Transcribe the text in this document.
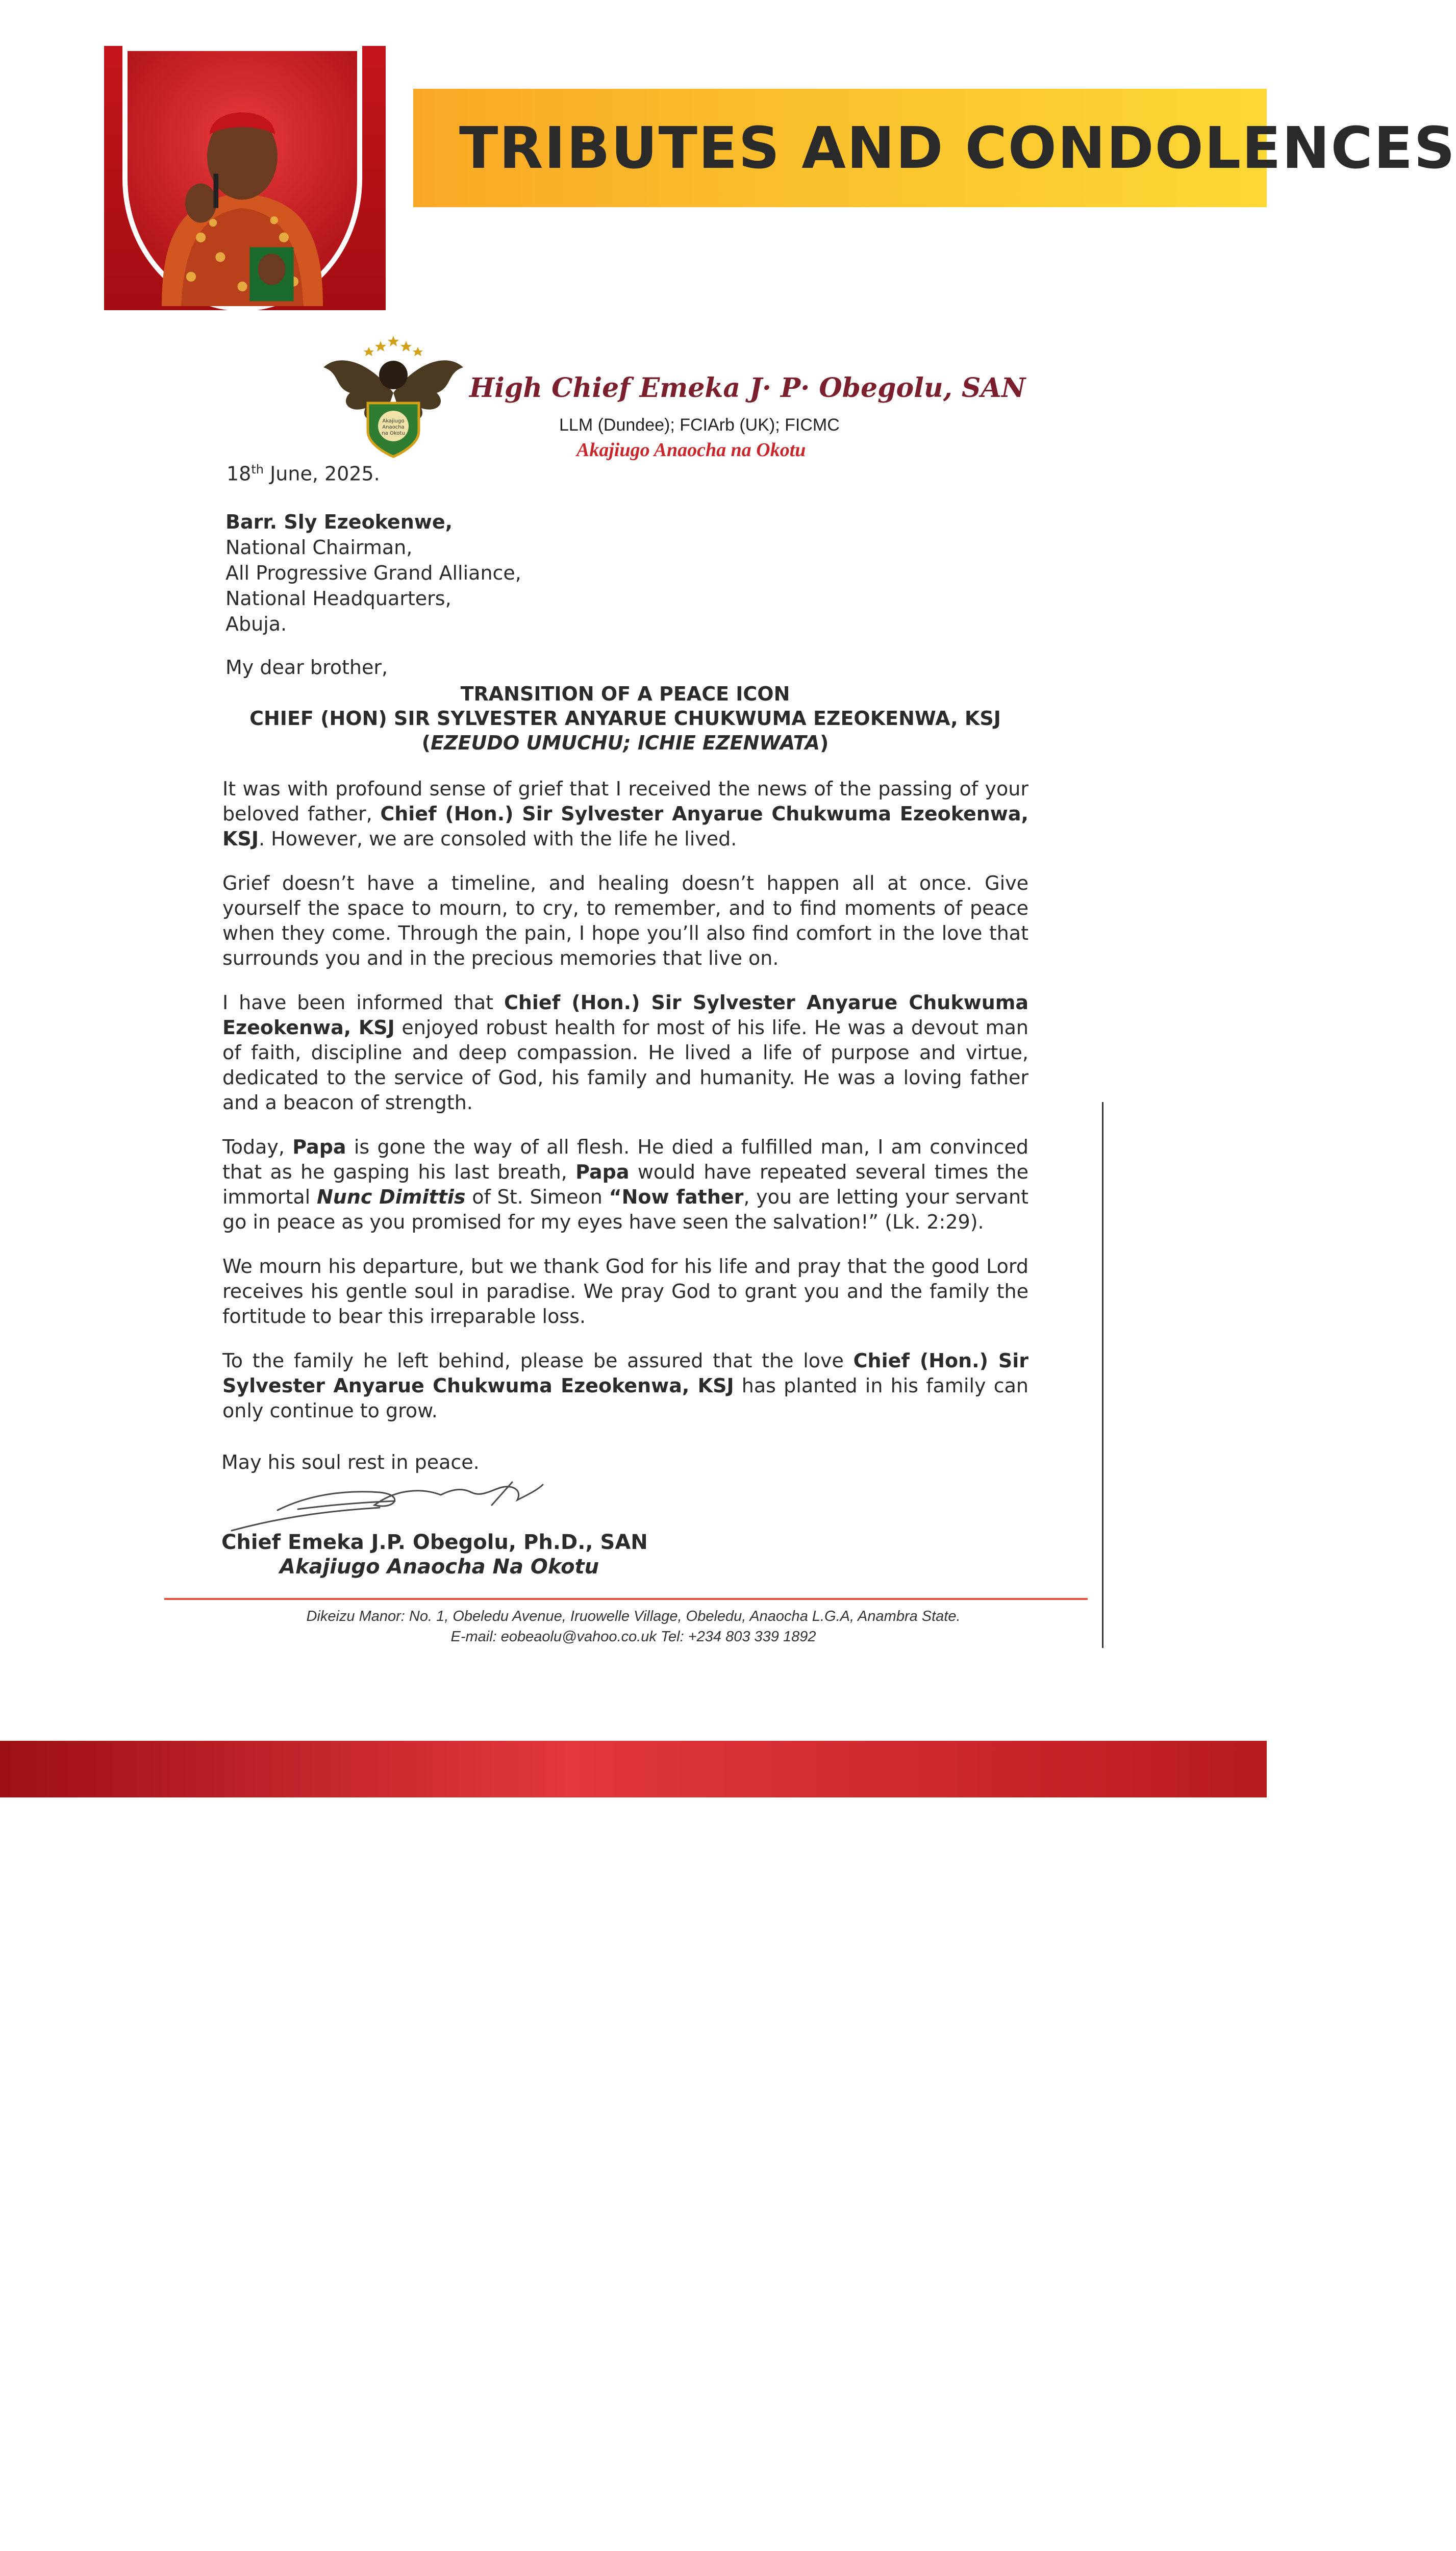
TRIBUTES AND CONDOLENCES
Akajiugo
Anaocha
na Okotu
High Chief Emeka J· P· Obegolu, SAN
LLM (Dundee); FCIArb (UK); FICMC
Akajiugo Anaocha na Okotu
18th June, 2025.
Barr. Sly Ezeokenwe,
National Chairman,
All Progressive Grand Alliance,
National Headquarters,
Abuja.
My dear brother,
TRANSITION OF A PEACE ICON
CHIEF (HON) SIR SYLVESTER ANYARUE CHUKWUMA EZEOKENWA, KSJ
(EZEUDO UMUCHU; ICHIE EZENWATA)

It was with profound sense of grief that I received the news of the passing of your beloved father, Chief (Hon.) Sir Sylvester Anyarue Chukwuma Ezeokenwa, KSJ. However, we are consoled with the life he lived.

Grief doesn’t have a timeline, and healing doesn’t happen all at once. Give yourself the space to mourn, to cry, to remember, and to find moments of peace when they come. Through the pain, I hope you’ll also find comfort in the love that surrounds you and in the precious memories that live on.

I have been informed that Chief (Hon.) Sir Sylvester Anyarue Chukwuma Ezeokenwa, KSJ enjoyed robust health for most of his life. He was a devout man of faith, discipline and deep compassion. He lived a life of purpose and virtue, dedicated to the service of God, his family and humanity. He was a loving father and a beacon of strength.

Today, Papa is gone the way of all flesh. He died a fulfilled man, I am convinced that as he gasping his last breath, Papa would have repeated several times the immortal Nunc Dimittis of St. Simeon “Now father, you are letting your servant go in peace as you promised for my eyes have seen the salvation!” (Lk. 2:29).

We mourn his departure, but we thank God for his life and pray that the good Lord receives his gentle soul in paradise. We pray God to grant you and the family the fortitude to bear this irreparable loss.

To the family he left behind, please be assured that the love Chief (Hon.) Sir Sylvester Anyarue Chukwuma Ezeokenwa, KSJ has planted in his family can only continue to grow.

May his soul rest in peace.
Chief Emeka J.P. Obegolu, Ph.D., SAN
Akajiugo Anaocha Na Okotu
Dikeizu Manor: No. 1, Obeledu Avenue, Iruowelle Village, Obeledu, Anaocha L.G.A, Anambra State.
E-mail: eobeaolu@vahoo.co.uk Tel: +234 803 339 1892
